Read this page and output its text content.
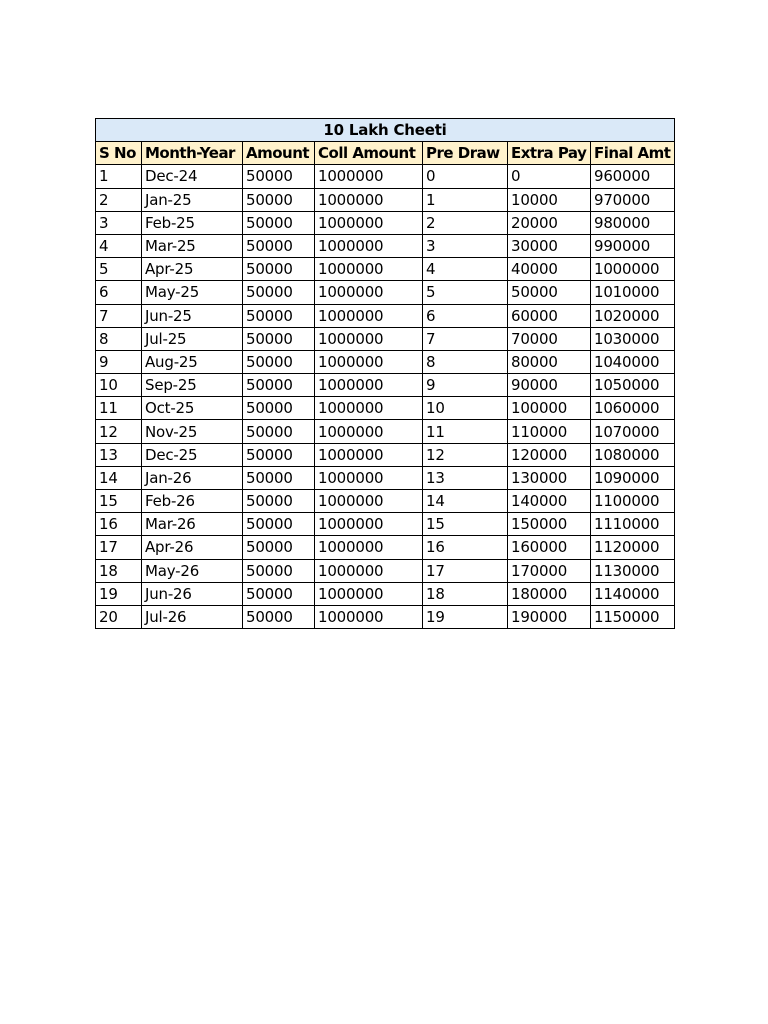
10 Lakh Cheeti						
S No	Month-Year	Amount	Coll Amount	Pre Draw	Extra Pay	Final Amt
1	Dec-24	50000	1000000	0	0	960000
2	Jan-25	50000	1000000	1	10000	970000
3	Feb-25	50000	1000000	2	20000	980000
4	Mar-25	50000	1000000	3	30000	990000
5	Apr-25	50000	1000000	4	40000	1000000
6	May-25	50000	1000000	5	50000	1010000
7	Jun-25	50000	1000000	6	60000	1020000
8	Jul-25	50000	1000000	7	70000	1030000
9	Aug-25	50000	1000000	8	80000	1040000
10	Sep-25	50000	1000000	9	90000	1050000
11	Oct-25	50000	1000000	10	100000	1060000
12	Nov-25	50000	1000000	11	110000	1070000
13	Dec-25	50000	1000000	12	120000	1080000
14	Jan-26	50000	1000000	13	130000	1090000
15	Feb-26	50000	1000000	14	140000	1100000
16	Mar-26	50000	1000000	15	150000	1110000
17	Apr-26	50000	1000000	16	160000	1120000
18	May-26	50000	1000000	17	170000	1130000
19	Jun-26	50000	1000000	18	180000	1140000
20	Jul-26	50000	1000000	19	190000	1150000
